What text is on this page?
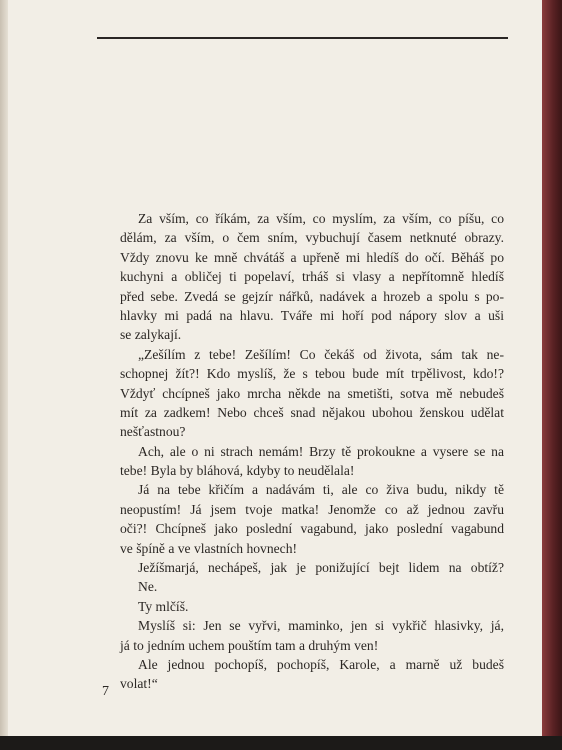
Za vším, co říkám, za vším, co myslím, za vším, co píšu, co
dělám, za vším, o čem sním, vybuchují časem netknuté obrazy.
Vždy znovu ke mně chvátáš a upřeně mi hledíš do očí. Běháš po
kuchyni a obličej ti popelaví, trháš si vlasy a nepřítomně hledíš
před sebe. Zvedá se gejzír nářků, nadávek a hrozeb a spolu s po-
hlavky mi padá na hlavu. Tváře mi hoří pod nápory slov a uši
se zalykají.
„Zešílím z tebe! Zešílím! Co čekáš od života, sám tak ne-
schopnej žít?! Kdo myslíš, že s tebou bude mít trpělivost, kdo!?
Vždyť chcípneš jako mrcha někde na smetišti, sotva mě nebudeš
mít za zadkem! Nebo chceš snad nějakou ubohou ženskou udělat
nešťastnou?
Ach, ale o ni strach nemám! Brzy tě prokoukne a vysere se na
tebe! Byla by bláhová, kdyby to neudělala!
Já na tebe křičím a nadávám ti, ale co živa budu, nikdy tě
neopustím! Já jsem tvoje matka! Jenomže co až jednou zavřu
oči?! Chcípneš jako poslední vagabund, jako poslední vagabund
ve špíně a ve vlastních hovnech!
Ježíšmarjá, nechápeš, jak je ponižující bejt lidem na obtíž?
Ne.
Ty mlčíš.
Myslíš si: Jen se vyřvi, maminko, jen si vykřič hlasivky, já,
já to jedním uchem pouštím tam a druhým ven!
Ale jednou pochopíš, pochopíš, Karole, a marně už budeš
volat!“
7
